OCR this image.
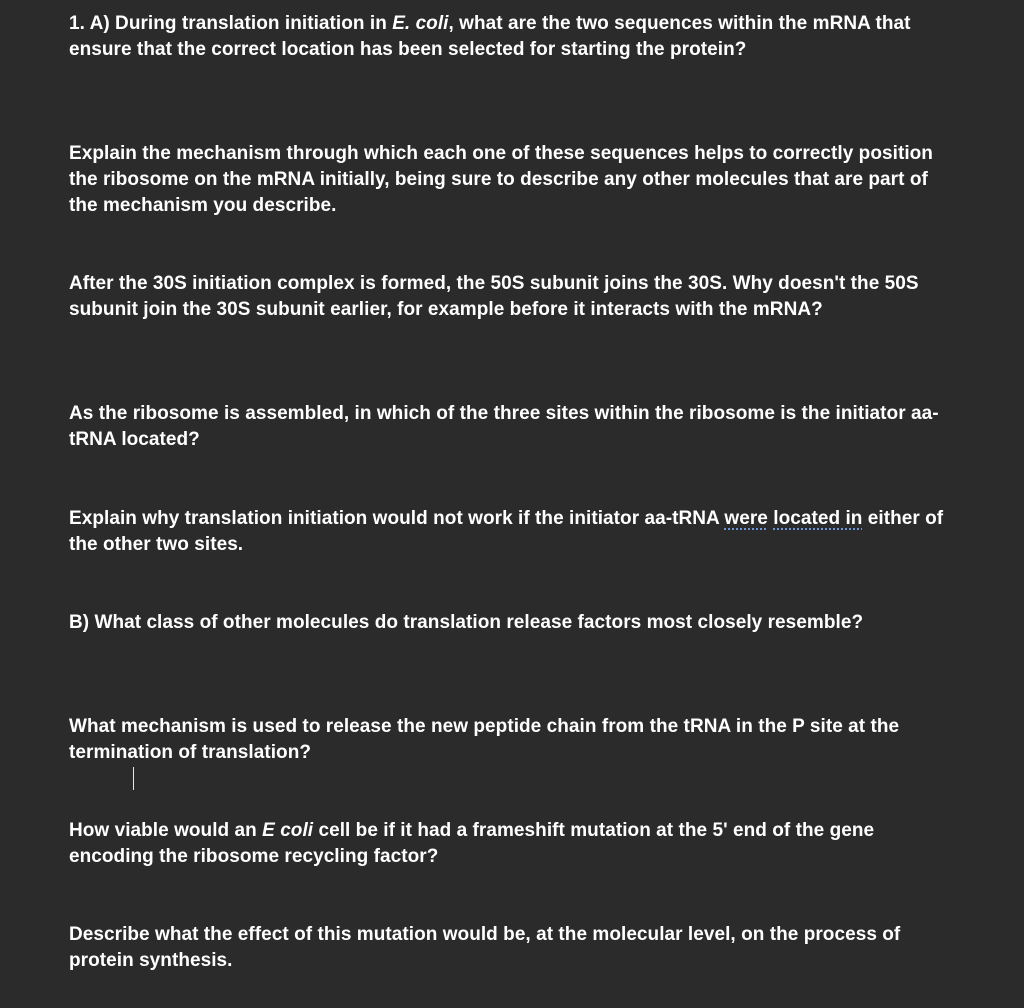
1. A) During translation initiation in E. coli, what are the two sequences within the mRNA that ensure that the correct location has been selected for starting the protein?

Explain the mechanism through which each one of these sequences helps to correctly position the ribosome on the mRNA initially, being sure to describe any other molecules that are part of the mechanism you describe.

After the 30S initiation complex is formed, the 50S subunit joins the 30S. Why doesn't the 50S subunit join the 30S subunit earlier, for example before it interacts with the mRNA?

As the ribosome is assembled, in which of the three sites within the ribosome is the initiator aa-tRNA located?

Explain why translation initiation would not work if the initiator aa-tRNA were located in either of the other two sites.

B) What class of other molecules do translation release factors most closely resemble?

What mechanism is used to release the new peptide chain from the tRNA in the P site at the termination of translation?

How viable would an E coli cell be if it had a frameshift mutation at the 5' end of the gene encoding the ribosome recycling factor?

Describe what the effect of this mutation would be, at the molecular level, on the process of protein synthesis.
